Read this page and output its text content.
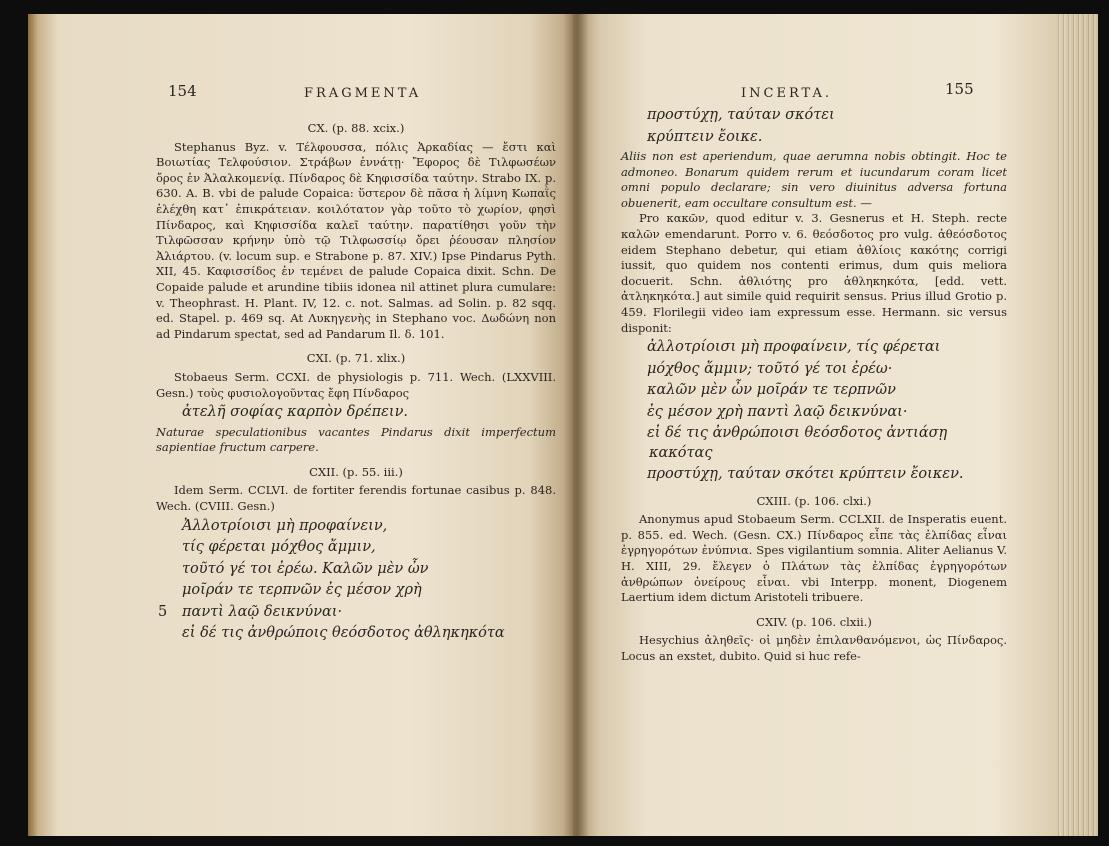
154	FRAGMENTA

CX. (p. 88. xcix.)

Stephanus Byz. v. Τέλφουσσα, πόλις Ἀρκαδίας — ἔστι καὶ Βοιωτίας Τελφούσιον. Στράβων ἐννάτῃ· Ἔφορος δὲ Τιλφωσέων ὄρος ἐν Ἀλαλκομενίᾳ. Πίνδαρος δὲ Κηφισσίδα ταύτην. Strabo IX. p. 630. A. B. vbi de palude Copaica: ὕστερον δὲ πᾶσα ἡ λίμνη Κωπαῒς ἐλέχθη κατ᾽ ἐπικράτειαν. κοιλότατον γὰρ τοῦτο τὸ χωρίον, φησὶ Πίνδαρος, καὶ Κηφισσίδα καλεῖ ταύτην. παρατίθησι γοῦν τὴν Τιλφῶσσαν κρήνην ὑπὸ τῷ Τιλφωσσίῳ ὄρει ῥέουσαν πλησίον Ἀλιάρτου. (v. locum sup. e Strabone p. 87. XIV.) Ipse Pindarus Pyth. XII, 45. Καφισσίδος ἐν τεμένει de palude Copaica dixit. Schn. De Copaide palude et arundine tibiis idonea nil attinet plura cumulare: v. Theophrast. H. Plant. IV, 12. c. not. Salmas. ad Solin. p. 82 sqq. ed. Stapel. p. 469 sq. At Λυκηγενὴς in Stephano voc. Δωδώνη non ad Pindarum spectat, sed ad Pandarum Il. δ. 101.

CXI. (p. 71. xlix.)

Stobaeus Serm. CCXI. de physiologis p. 711. Wech. (LXXVIII. Gesn.) τοὺς φυσιολογοῦντας ἔφη Πίνδαρος

ἀτελῆ σοφίας καρπὸν δρέπειν.

Naturae speculationibus vacantes Pindarus dixit imperfectum sapientiae fructum carpere.

CXII. (p. 55. iii.)

Idem Serm. CCLVI. de fortiter ferendis fortunae casibus p. 848. Wech. (CVIII. Gesn.)

Ἀλλοτρίοισι μὴ προφαίνειν,

τίς φέρεται μόχθος ἄμμιν,

τοῦτό γέ τοι ἐρέω. Καλῶν μὲν ὦν

μοῖράν τε τερπνῶν ἐς μέσον χρὴ

5 παντὶ λαῷ δεικνύναι·

εἰ δέ τις ἀνθρώποις θεόσδοτος ἀθληκηκότα

INCERTA.	155

προστύχῃ, ταύταν σκότει

κρύπτειν ἔοικε.

Aliis non est aperiendum, quae aerumna nobis obtingit. Hoc te admoneo. Bonarum quidem rerum et iucundarum coram licet omni populo declarare; sin vero diuinitus adversa fortuna obuenerit, eam occultare consultum est. —

Pro κακῶν, quod editur v. 3. Gesnerus et H. Steph. recte καλῶν emendarunt. Porro v. 6. θεόσδοτος pro vulg. ἀθεόσδοτος eidem Stephano debetur, qui etiam ἀθλίοις κακότης corrigi iussit, quo quidem nos contenti erimus, dum quis meliora docuerit. Schn. ἀθλιότης pro ἀθληκηκότα, [edd. vett. ἀτληκηκότα.] aut simile quid requirit sensus. Prius illud Grotio p. 459. Florilegii video iam expressum esse. Hermann. sic versus disponit:

ἀλλοτρίοισι μὴ προφαίνειν, τίς φέρεται

μόχθος ἄμμιν; τοῦτό γέ τοι ἐρέω·

καλῶν μὲν ὦν μοῖράν τε τερπνῶν

ἐς μέσον χρὴ παντὶ λαῷ δεικνύναι·

εἰ δέ τις ἀνθρώποισι θεόσδοτος ἀντιάσῃ κακότας

προστύχῃ, ταύταν σκότει κρύπτειν ἔοικεν.

CXIII. (p. 106. clxi.)

Anonymus apud Stobaeum Serm. CCLXII. de Insperatis euent. p. 855. ed. Wech. (Gesn. CX.) Πίνδαρος εἶπε τὰς ἐλπίδας εἶναι ἐγρηγορότων ἐνύπνια. Spes vigilantium somnia. Aliter Aelianus V. H. XIII, 29. ἔλεγεν ὁ Πλάτων τὰς ἐλπίδας ἐγρηγορότων ἀνθρώπων ὀνείρους εἶναι. vbi Interpp. monent, Diogenem Laertium idem dictum Aristoteli tribuere.

CXIV. (p. 106. clxii.)

Hesychius ἀληθεῖς· οἱ μηδὲν ἐπιλανθανόμενοι, ὡς Πίνδαρος. Locus an exstet, dubito. Quid si huc refe-
